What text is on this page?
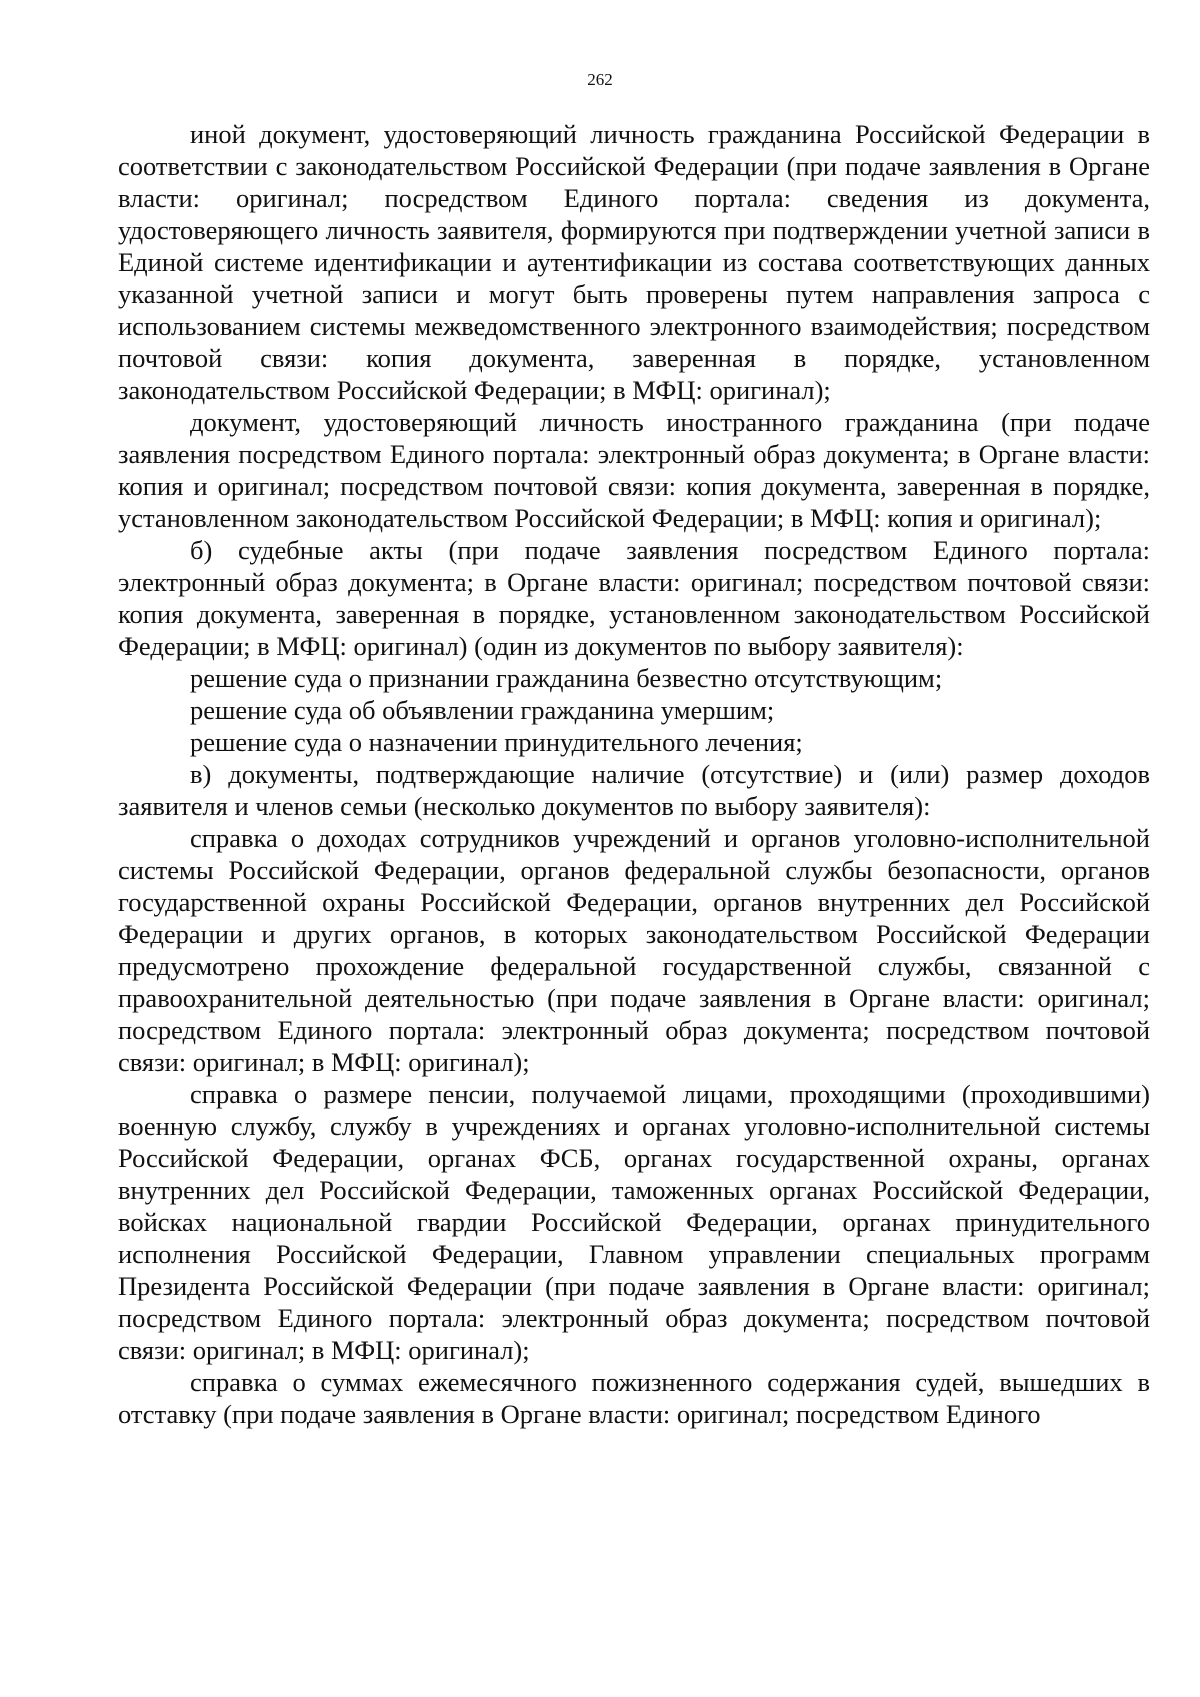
262

иной документ, удостоверяющий личность гражданина Российской Федерации в соответствии с законодательством Российской Федерации (при подаче заявления в Органе власти: оригинал; посредством Единого портала: сведения из документа, удостоверяющего личность заявителя, формируются при подтверждении учетной записи в Единой системе идентификации и аутентификации из состава соответствующих данных указанной учетной записи и могут быть проверены путем направления запроса с использованием системы межведомственного электронного взаимодействия; посредством почтовой связи: копия документа, заверенная в порядке, установленном законодательством Российской Федерации; в МФЦ: оригинал);

документ, удостоверяющий личность иностранного гражданина (при подаче заявления посредством Единого портала: электронный образ документа; в Органе власти: копия и оригинал; посредством почтовой связи: копия документа, заверенная в порядке, установленном законодательством Российской Федерации; в МФЦ: копия и оригинал);

б) судебные акты (при подаче заявления посредством Единого портала: электронный образ документа; в Органе власти: оригинал; посредством почтовой связи: копия документа, заверенная в порядке, установленном законодательством Российской Федерации; в МФЦ: оригинал) (один из документов по выбору заявителя):

решение суда о признании гражданина безвестно отсутствующим;

решение суда об объявлении гражданина умершим;

решение суда о назначении принудительного лечения;

в) документы, подтверждающие наличие (отсутствие) и (или) размер доходов заявителя и членов семьи (несколько документов по выбору заявителя):

справка о доходах сотрудников учреждений и органов уголовно-исполнительной системы Российской Федерации, органов федеральной службы безопасности, органов государственной охраны Российской Федерации, органов внутренних дел Российской Федерации и других органов, в которых законодательством Российской Федерации предусмотрено прохождение федеральной государственной службы, связанной с правоохранительной деятельностью (при подаче заявления в Органе власти: оригинал; посредством Единого портала: электронный образ документа; посредством почтовой связи: оригинал; в МФЦ: оригинал);

справка о размере пенсии, получаемой лицами, проходящими (проходившими) военную службу, службу в учреждениях и органах уголовно-исполнительной системы Российской Федерации, органах ФСБ, органах государственной охраны, органах внутренних дел Российской Федерации, таможенных органах Российской Федерации, войсках национальной гвардии Российской Федерации, органах принудительного исполнения Российской Федерации, Главном управлении специальных программ Президента Российской Федерации (при подаче заявления в Органе власти: оригинал; посредством Единого портала: электронный образ документа; посредством почтовой связи: оригинал; в МФЦ: оригинал);

справка о суммах ежемесячного пожизненного содержания судей, вышедших в отставку (при подаче заявления в Органе власти: оригинал; посредством Единого
